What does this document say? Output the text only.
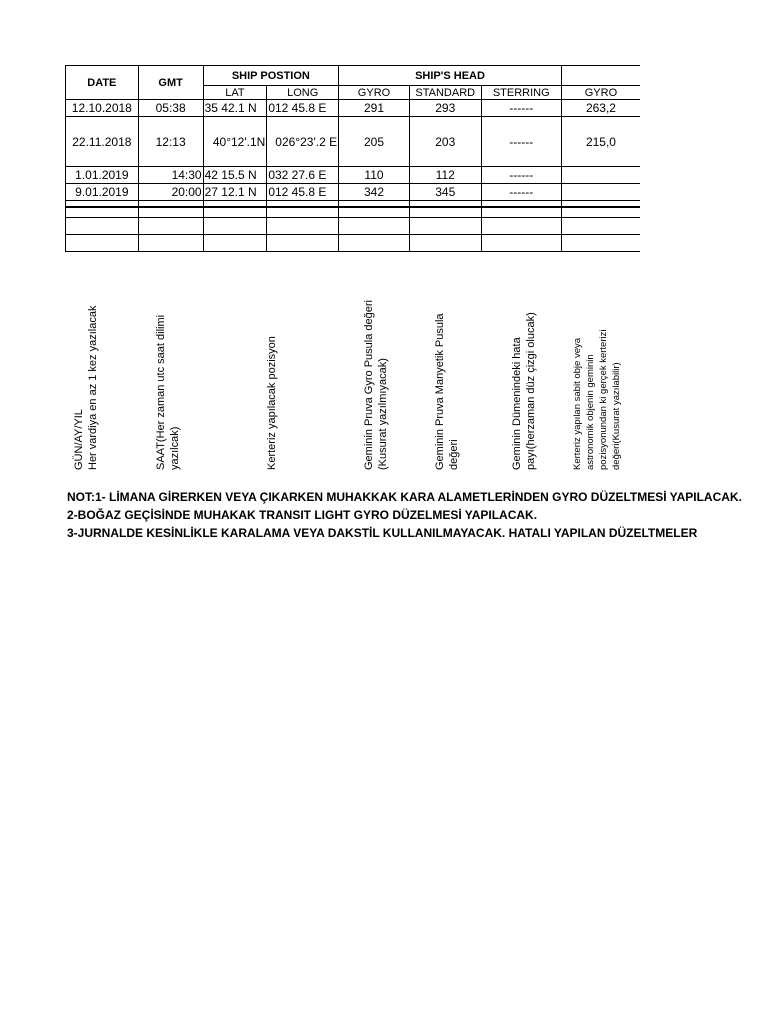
DATE	GMT	SHIP POSTION		SHIP'S HEAD			
		LAT	LONG	GYRO	STANDARD	STERRING	GYRO
12.10.2018	05:38	35 42.1 N	012 45.8 E	291	293	------	263,2
22.11.2018	12:13	40°12'.1N	026°23'.2 E	205	203	------	215,0
1.01.2019	14:30	42 15.5 N	032 27.6 E	110	112	------	
9.01.2019	20:00	27 12.1 N	012 45.8 E	342	345	------	

GÜN/AY/YIL Her vardiya en az 1 kez yazılacak	SAAT(Her zaman utc saat dilimi yazılcak)	Kerteriz yapılacak pozisyon	Geminin Pruva Gyro Pusula değeri (Kusurat yazılmıyacak)	Geminin Pruva Manyetik Pusula değeri	Geminin Dümenindeki hata payı(herzaman düz çizgi olucak)	Kerteriz yapılan sabit obje veya astronomik objenin geminin pozisyonundan ki gerçek kerterizi değeri(Kusurat yazılabilir)
NOT:1- LİMANA GİRERKEN VEYA ÇIKARKEN MUHAKKAK KARA ALAMETLERİNDEN GYRO DÜZELTMESİ YAPILACAK.
2-BOĞAZ GEÇİSİNDE MUHAKAK TRANSIT LIGHT GYRO DÜZELMESİ YAPILACAK.
3-JURNALDE KESİNLİKLE KARALAMA VEYA DAKSTİL KULLANILMAYACAK. HATALI YAPILAN DÜZELTMELER
